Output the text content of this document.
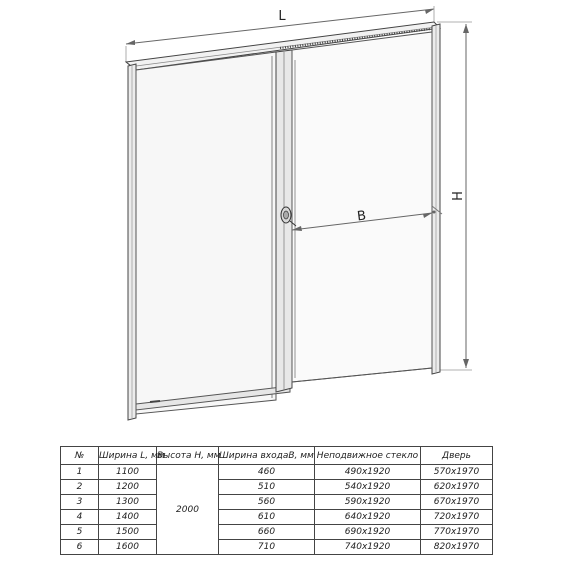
L
H
B
№	Ширина L, мм	Высота H, мм	Ширина входаB, мм	Неподвижное стекло	Дверь
1	1100	2000	460	490x1920	570x1970
2	1200		510	540x1920	620x1970
3	1300		560	590x1920	670x1970
4	1400		610	640x1920	720x1970
5	1500		660	690x1920	770x1970
6	1600		710	740x1920	820x1970
